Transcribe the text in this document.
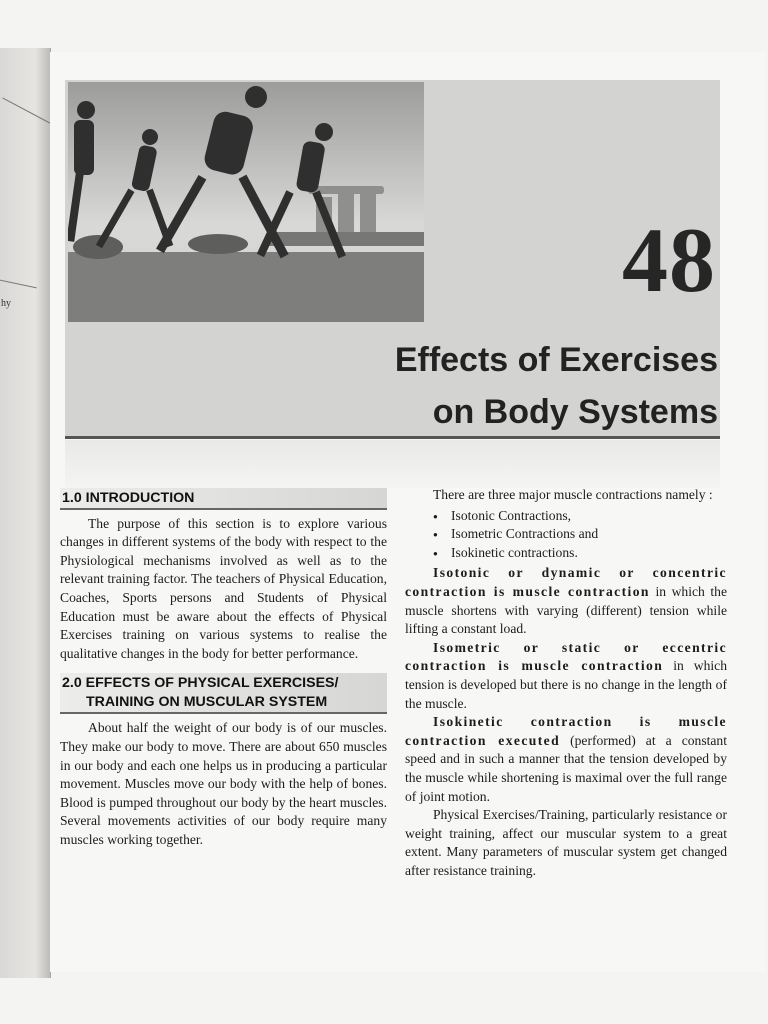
hy	48
Effects of Exercises
on Body Systems
1.0 INTRODUCTION

The purpose of this section is to explore various changes in different systems of the body with respect to the Physiological mechanisms involved as well as to the relevant training factor. The teachers of Physical Education, Coaches, Sports persons and Students of Physical Education must be aware about the effects of Physical Exercises training on various systems to realise the qualitative changes in the body for better performance.

2.0 EFFECTS OF PHYSICAL EXERCISES/
TRAINING ON MUSCULAR SYSTEM

About half the weight of our body is of our muscles. They make our body to move. There are about 650 muscles in our body and each one helps us in producing a particular movement. Muscles move our body with the help of bones. Blood is pumped throughout our body by the heart muscles. Several movements activities of our body require many muscles working together.

There are three major muscle contractions namely :

● Isotonic Contractions,
● Isometric Contractions and
● Isokinetic contractions.

Isotonic or dynamic or concentric contraction is muscle contraction in which the muscle shortens with varying (different) tension while lifting a constant load.

Isometric or static or eccentric contraction is muscle contraction in which tension is developed but there is no change in the length of the muscle.

Isokinetic contraction is muscle contraction executed (performed) at a constant speed and in such a manner that the tension developed by the muscle while shortening is maximal over the full range of joint motion.

Physical Exercises/Training, particularly resistance or weight training, affect our muscular system to a great extent. Many parameters of muscular system get changed after resistance training.
